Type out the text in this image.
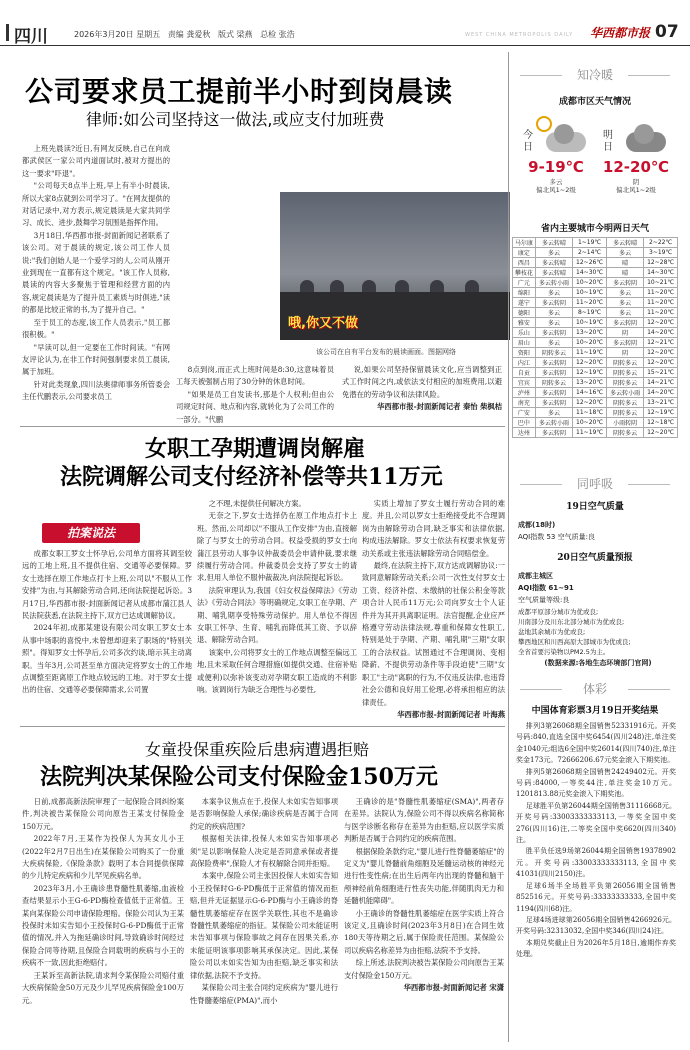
四川	2026年3月20日 星期五 责编 龚爱秋 版式 梁燕 总检 张浩	WEST CHINA METROPOLIS DAILY 华西都市报 07
公司要求员工提前半小时到岗晨读
律师:如公司坚持这一做法,或应支付加班费

上班先晨读?近日,有网友反映,自己在向成都武侯区一家公司内道面试时,被对方提出的这一要求"吓退"。

"公司每天8点半上班,早上有半小时晨读,所以大家8点就到公司学习了。"在网友提供的对话记录中,对方表示,规定晨读是大家共同学习、成长、进步,鼓舞学习氛围是指挥作用。

3月18日,华西都市报-封面新闻记者联系了该公司。对于晨读的规定,该公司工作人员说:"我们创始人是一个爱学习的人,公司从刚开业到现在一直都有这个规定。"该工作人员称,晨读的内容大多聚焦于管理和经营方面的内容,规定晨读是为了提升员工素质与时俱进,"读的都是比较正常的书,为了提升自己。"

至于员工的态度,该工作人员表示,"员工都很积极。"

"早读可以,但一定要在工作时间读。"有网友评论认为,在非工作时间强制要求员工晨读,属于加班。

针对此类现象,四川法奥律师事务所管委会主任代鹏表示,公司要求员工

哦,你又不做
该公司在自有平台发布的晨读画面。图据网络

8点到岗,而正式上班时间是8:30,这意味着员工每天被强制占用了30分钟的休息时间。

"如果是员工自发读书,那是个人权利;但由公司规定时间、地点和内容,就转化为了公司工作的一部分。"代鹏

说,如果公司坚持保留晨读文化,应当调整到正式工作时间之内,或依法支付相应的加班费用,以避免潜在的劳动争议和法律风险。

华西都市报-封面新闻记者 秦怡 柴枫桔

女职工孕期遭调岗解雇
法院调解公司支付经济补偿等共11万元
拍案说法

成都女职工罗女士怀孕后,公司单方面将其调至较远的工地上班,且不提供住宿、交通等必要保障。罗女士选择在原工作地点打卡上班,公司以"不服从工作安排"为由,与其解除劳动合同,还向法院提起诉讼。3月17日,华西都市报-封面新闻记者从成都市蒲江县人民法院获悉,在法院主持下,双方已达成调解协议。

2024年初,成都某建设有限公司女职工罗女士本从事中场职的喜悦中,未曾想却迎来了职场的"特别关照"。得知罗女士怀孕后,公司多次约谈,暗示其主动离职。当年3月,公司甚至单方面决定将罗女士的工作地点调整至距离原工作地点较远的工地。对于罗女士提出的住宿、交通等必要保障需求,公司置

之不理,未提供任何解决方案。

无奈之下,罗女士选择仍在原工作地点打卡上班。然而,公司却以"不服从工作安排"为由,直接解除了与罗女士的劳动合同。权益受损的罗女士向蒲江县劳动人事争议仲裁委员会申请仲裁,要求继续履行劳动合同。仲裁委员会支持了罗女士的请求,但用人单位不服仲裁裁决,向法院提起诉讼。

法院审理认为,我国《妇女权益保障法》《劳动法》《劳动合同法》等明确规定,女职工在孕期、产期、哺乳期享受特殊劳动保护。用人单位不得因女职工怀孕、生育、哺乳而降低其工资、予以辞退、解除劳动合同。

该案中,公司将罗女士的工作地点调整至偏远工地,且未采取任何合理措施(如提供交通、住宿补贴或便利)以弥补该变动对孕期女职工造成的不利影响。该调岗行为缺乏合理性与必要性,

实质上增加了罗女士履行劳动合同的难度。并且,公司以罗女士拒绝接受此不合理调岗为由解除劳动合同,缺乏事实和法律依据,构成违法解除。罗女士依法有权要求恢复劳动关系或主张违法解除劳动合同赔偿金。

最终,在法院主持下,双方达成调解协议:一致同意解除劳动关系;公司一次性支付罗女士工资、经济补偿、未缴纳的社保公积金等款项合计人民币11万元;公司向罗女士个人证件并为其开具离职证明。法官提醒,企业应严格遵守劳动法律法规,尊重和保障女性职工,特别是处于孕期、产期、哺乳期"三期"女职工的合法权益。试图通过不合理调岗、变相降薪、不提供劳动条件等手段迫使"三期"女职工"主动"离职的行为,不仅违反法律,也违背社会公德和良好用工伦理,必将承担相应的法律责任。

华西都市报-封面新闻记者 叶海燕

女童投保重疾险后患病遭遇拒赔
法院判决某保险公司支付保险金150万元

日前,成都高新法院审理了一起保险合同纠纷案件,判决被告某保险公司向原告王某支付保险金150万元。

2022年7月,王某作为投保人为其女儿小王(2022年2月7日出生)在某保险公司购买了一份重大疾病保险,《保险条款》载明了本合同提供保障的少儿特定疾病和少儿罕见疾病名单。

2023年3月,小王确诊患脊髓性肌萎缩,血液检查结果显示小王G-6-PD酶检查值低于正常值。王某向某保险公司申请保险理赔。保险公司认为王某投保时未如实告知小王投保时G-6-PD酶低于正常值的情况,并入为拖延确诊时间,导致确诊时间经过保险合同等待期,且保险合同载明的疾病与小王的疾病不一致,因此拒绝赔付。

王某诉至高新法院,请求判令某保险公司赔付重大疾病保险金50万元及少儿罕见疾病保险金100万元。

本案争议焦点在于,投保人未如实告知事项是否影响保险人承保;确诊疾病是否属于合同约定的疾病范围?

根据相关法律,投保人未如实告知事项必须"足以影响保险人决定是否同意承保或者提高保险费率",保险人才有权解除合同并拒赔。

本案中,保险公司主张因投保人未如实告知小王投保时G-6-PD酶低于正常值的情况而拒赔,但并无证据显示G-6-PD酶与小王确诊的脊髓性肌萎缩症存在医学关联性,其也不是确诊脊髓性肌萎缩症的指征。某保险公司未能证明未告知事项与保险事故之间存在因果关系,亦未能证明该事项影响其承保决定。因此,某保险公司以未如实告知为由拒赔,缺乏事实和法律依据,法院不予支持。

某保险公司主张合同约定疾病为"婴儿进行性脊髓萎缩症(PMA)",而小

王确诊的是"脊髓性肌萎缩症(SMA)",两者存在差异。法院认为,保险公司不得以疾病名称简称与医学诊断名称存在差异为由拒赔,应以医学实质判断是否属于合同约定的疾病范围。

根据保险条款约定,"婴儿进行性脊髓萎缩症"的定义为"婴儿脊髓前角细胞及延髓运动核的神经元进行性变性病;在出生后两年内出现的脊髓和脑干颅神经前角细胞进行性丧失功能,伴随肌肉无力和延髓机能障碍"。

小王确诊的脊髓性肌萎缩症在医学实质上符合该定义,且确诊时间(2023年3月8日)在合同生效180天等待期之后,属于保险责任范围。某保险公司以疾病名称差异为由拒赔,法院不予支持。

综上所述,法院判决被告某保险公司向原告王某支付保险金150万元。

华西都市报-封面新闻记者 宋潇

知冷暖
成都市区天气情况
今日
9-19℃
多云
偏北风1~2级
明日
12-20℃
阴
偏北风1~2级
省内主要城市今明两日天气
马尔康	多云转晴	1~19℃	多云转晴	2~22℃
康定	多云	2~14℃	多云	3~19℃
西昌	多云转晴	12~26℃	晴	12~28℃
攀枝花	多云转晴	14~30℃	晴	14~30℃
广元	多云转小雨	10~20℃	多云转阴	10~21℃
绵阳	多云	10~19℃	多云	11~20℃
遂宁	多云转阴	11~20℃	多云	11~20℃
德阳	多云	8~19℃	多云	11~20℃
雅安	多云	10~19℃	多云转阴	12~20℃
乐山	多云转阴	13~20℃	阴	14~20℃
眉山	多云	10~20℃	多云转阴	12~21℃
资阳	阴转多云	11~19℃	阴	12~20℃
内江	多云转阴	12~20℃	阴转多云	12~20℃
自贡	多云转阴	12~19℃	阴转多云	15~21℃
宜宾	阴转多云	13~20℃	阴转多云	14~21℃
泸州	多云转阴	14~16℃	多云转小雨	14~20℃
南充	多云转阴	12~20℃	阴转多云	13~21℃
广安	多云	11~18℃	阴转多云	12~19℃
巴中	多云转小雨	10~20℃	小雨转阴	12~18℃
达州	多云转阴	11~19℃	阴转多云	12~20℃
同呼吸
19日空气质量
成都(18时)
AQI指数 53 空气质量:良
20日空气质量预报
成都主城区
AQI指数 61~91
空气质量等级:良
成都平原部分城市为优或良;
川南部分及川东北部分城市为优或良;
盆地其余城市为优或良;
攀西地区和川西高原大部城市为优或良;
全省首要污染物以PM2.5为主。
(数据来源:各地生态环境部门官网)
体彩
中国体育彩票3月19日开奖结果

排列3第26068期全国销售52331916元。开奖号码:840,直选全国中奖6454(四川248)注,单注奖金1040元;组选6全国中奖26014(四川740)注,单注奖金173元。72666206.67元奖金滚入下期奖池。

排列5第26068期全国销售24249402元。开奖号码:84000,一等奖44注,单注奖金10万元。1201813.88元奖金滚入下期奖池。

足球胜平负第26044期全国销售31116668元。开奖号码:33003333333113,一等奖全国中奖276(四川16)注,二等奖全国中奖6620(四川340)注。

胜平负任选9场第26044期全国销售19378902元。开奖号码:33003333333113,全国中奖41031(四川2150)注。

足球6场半全场胜平负第26056期全国销售852516元。开奖号码:33333333333,全国中奖1194(四川68)注。

足球4场进球第26056期全国销售4266926元。开奖号码:32313032,全国中奖346(四川24)注。

本期兑奖截止日为2026年5月18日,逾期作弃奖处理。
